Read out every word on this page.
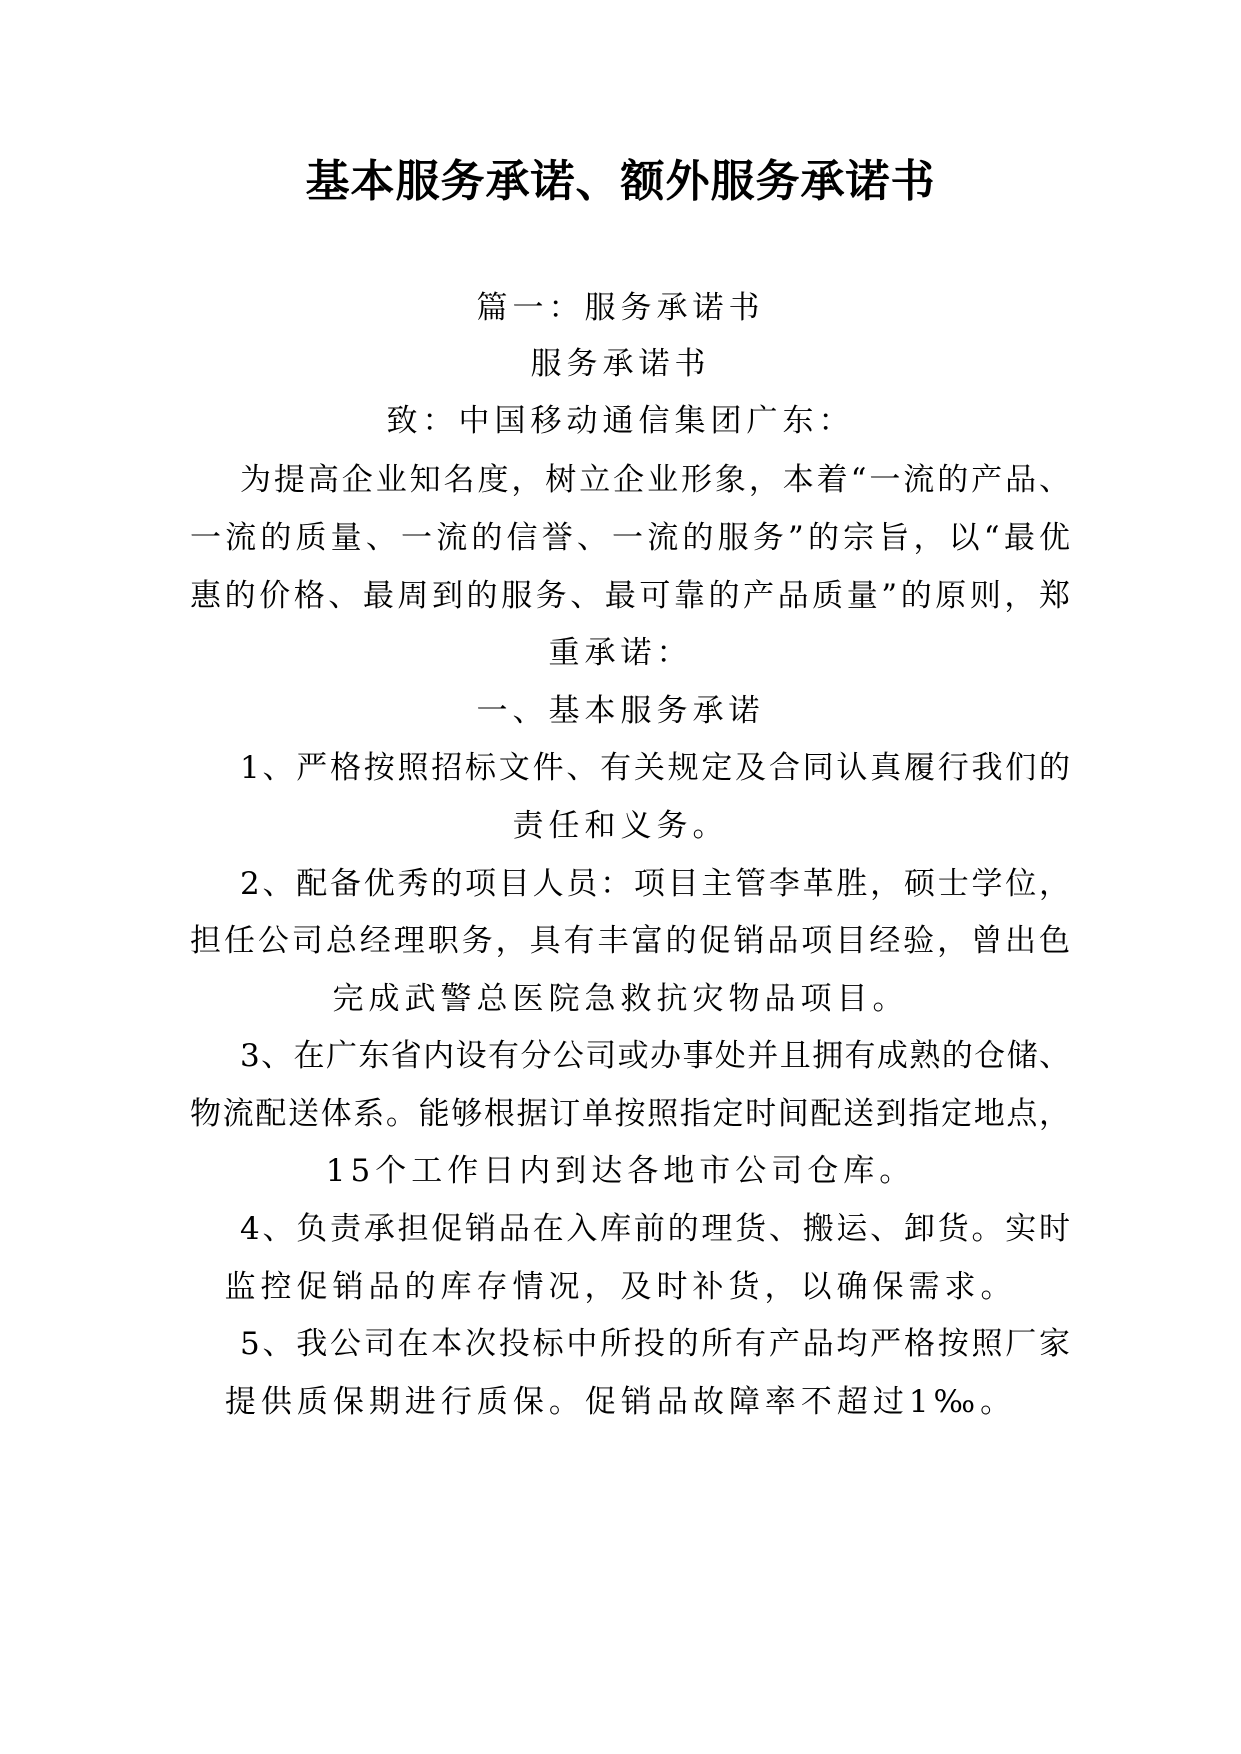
基本服务承诺、额外服务承诺书
篇一：服务承诺书
服务承诺书
致：中国移动通信集团广东：
为提高企业知名度，树立企业形象，本着“一流的产品、
一流的质量、一流的信誉、一流的服务”的宗旨，以“最优
惠的价格、最周到的服务、最可靠的产品质量”的原则，郑
重承诺：
一、基本服务承诺
1、严格按照招标文件、有关规定及合同认真履行我们的
责任和义务。
2、配备优秀的项目人员：项目主管李革胜，硕士学位，
担任公司总经理职务，具有丰富的促销品项目经验，曾出色
完成武警总医院急救抗灾物品项目。
3、在广东省内设有分公司或办事处并且拥有成熟的仓储、
物流配送体系。能够根据订单按照指定时间配送到指定地点，
15个工作日内到达各地市公司仓库。
4、负责承担促销品在入库前的理货、搬运、卸货。实时
监控促销品的库存情况，及时补货，以确保需求。
5、我公司在本次投标中所投的所有产品均严格按照厂家
提供质保期进行质保。促销品故障率不超过1‰。
